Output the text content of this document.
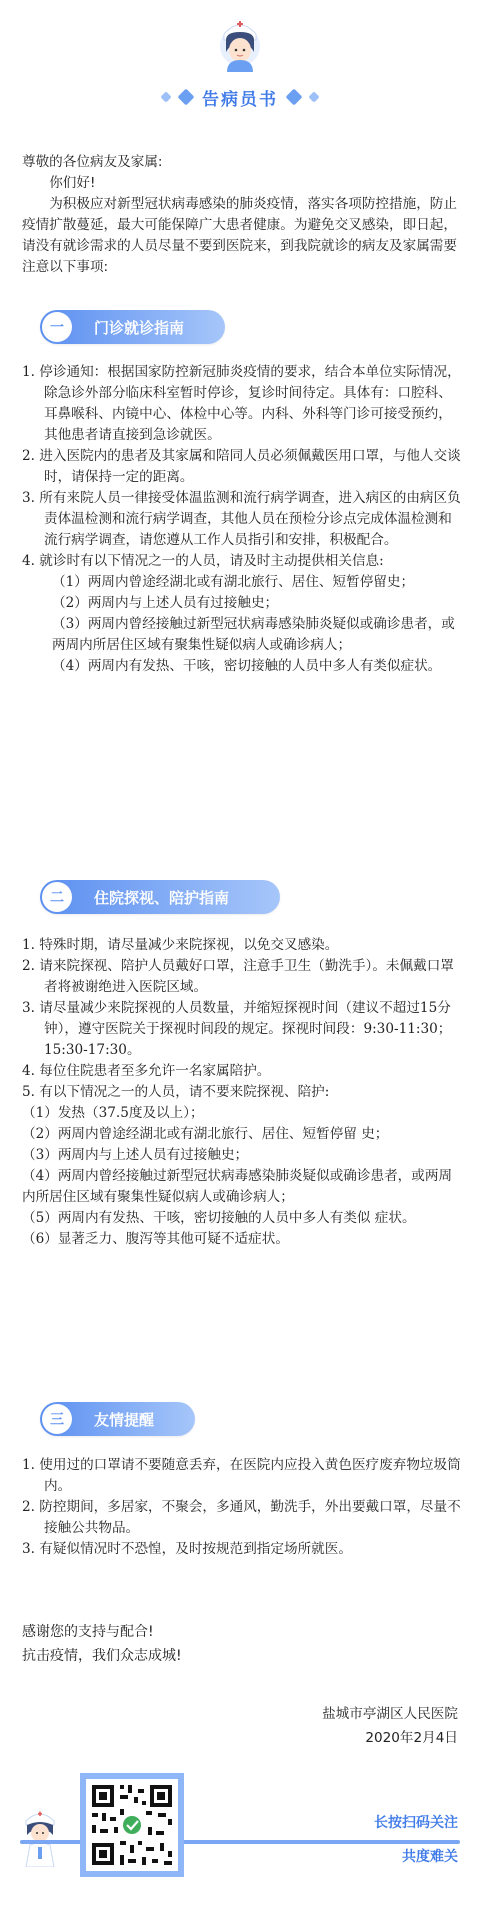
告病员书

尊敬的各位病友及家属:

你们好!

为积极应对新型冠状病毒感染的肺炎疫情，落实各项防控措施，防止疫情扩散蔓延，最大可能保障广大患者健康。为避免交叉感染，即日起，请没有就诊需求的人员尽量不要到医院来，到我院就诊的病友及家属需要注意以下事项:

一	门诊就诊指南

1. 停诊通知：根据国家防控新冠肺炎疫情的要求，结合本单位实际情况，除急诊外部分临床科室暂时停诊，复诊时间待定。具体有：口腔科、耳鼻喉科、内镜中心、体检中心等。内科、外科等门诊可接受预约，其他患者请直接到急诊就医。

2. 进入医院内的患者及其家属和陪同人员必须佩戴医用口罩，与他人交谈时，请保持一定的距离。

3. 所有来院人员一律接受体温监测和流行病学调查，进入病区的由病区负责体温检测和流行病学调查，其他人员在预检分诊点完成体温检测和流行病学调查，请您遵从工作人员指引和安排，积极配合。

4. 就诊时有以下情况之一的人员，请及时主动提供相关信息:

（1）两周内曾途经湖北或有湖北旅行、居住、短暂停留史；

（2）两周内与上述人员有过接触史；

（3）两周内曾经接触过新型冠状病毒感染肺炎疑似或确诊患者，或两周内所居住区域有聚集性疑似病人或确诊病人；

（4）两周内有发热、干咳，密切接触的人员中多人有类似症状。

二	住院探视、陪护指南

1. 特殊时期，请尽量减少来院探视，以免交叉感染。

2. 请来院探视、陪护人员戴好口罩，注意手卫生（勤洗手）。未佩戴口罩者将被谢绝进入医院区域。

3. 请尽量减少来院探视的人员数量，并缩短探视时间（建议不超过15分钟），遵守医院关于探视时间段的规定。探视时间段：9:30-11:30；15:30-17:30。

4. 每位住院患者至多允许一名家属陪护。

5. 有以下情况之一的人员，请不要来院探视、陪护:

（1）发热（37.5度及以上）；

（2）两周内曾途经湖北或有湖北旅行、居住、短暂停留 史；

（3）两周内与上述人员有过接触史；

（4）两周内曾经接触过新型冠状病毒感染肺炎疑似或确诊患者，或两周内所居住区域有聚集性疑似病人或确诊病人；

（5）两周内有发热、干咳，密切接触的人员中多人有类似 症状。

（6）显著乏力、腹泻等其他可疑不适症状。

三	友情提醒

1. 使用过的口罩请不要随意丢弃，在医院内应投入黄色医疗废弃物垃圾筒内。

2. 防控期间，多居家，不聚会，多通风，勤洗手，外出要戴口罩，尽量不接触公共物品。

3. 有疑似情况时不恐惶，及时按规范到指定场所就医。

感谢您的支持与配合!

抗击疫情，我们众志成城!

盐城市亭湖区人民医院

2020年2月4日

长按扫码关注

共度难关
